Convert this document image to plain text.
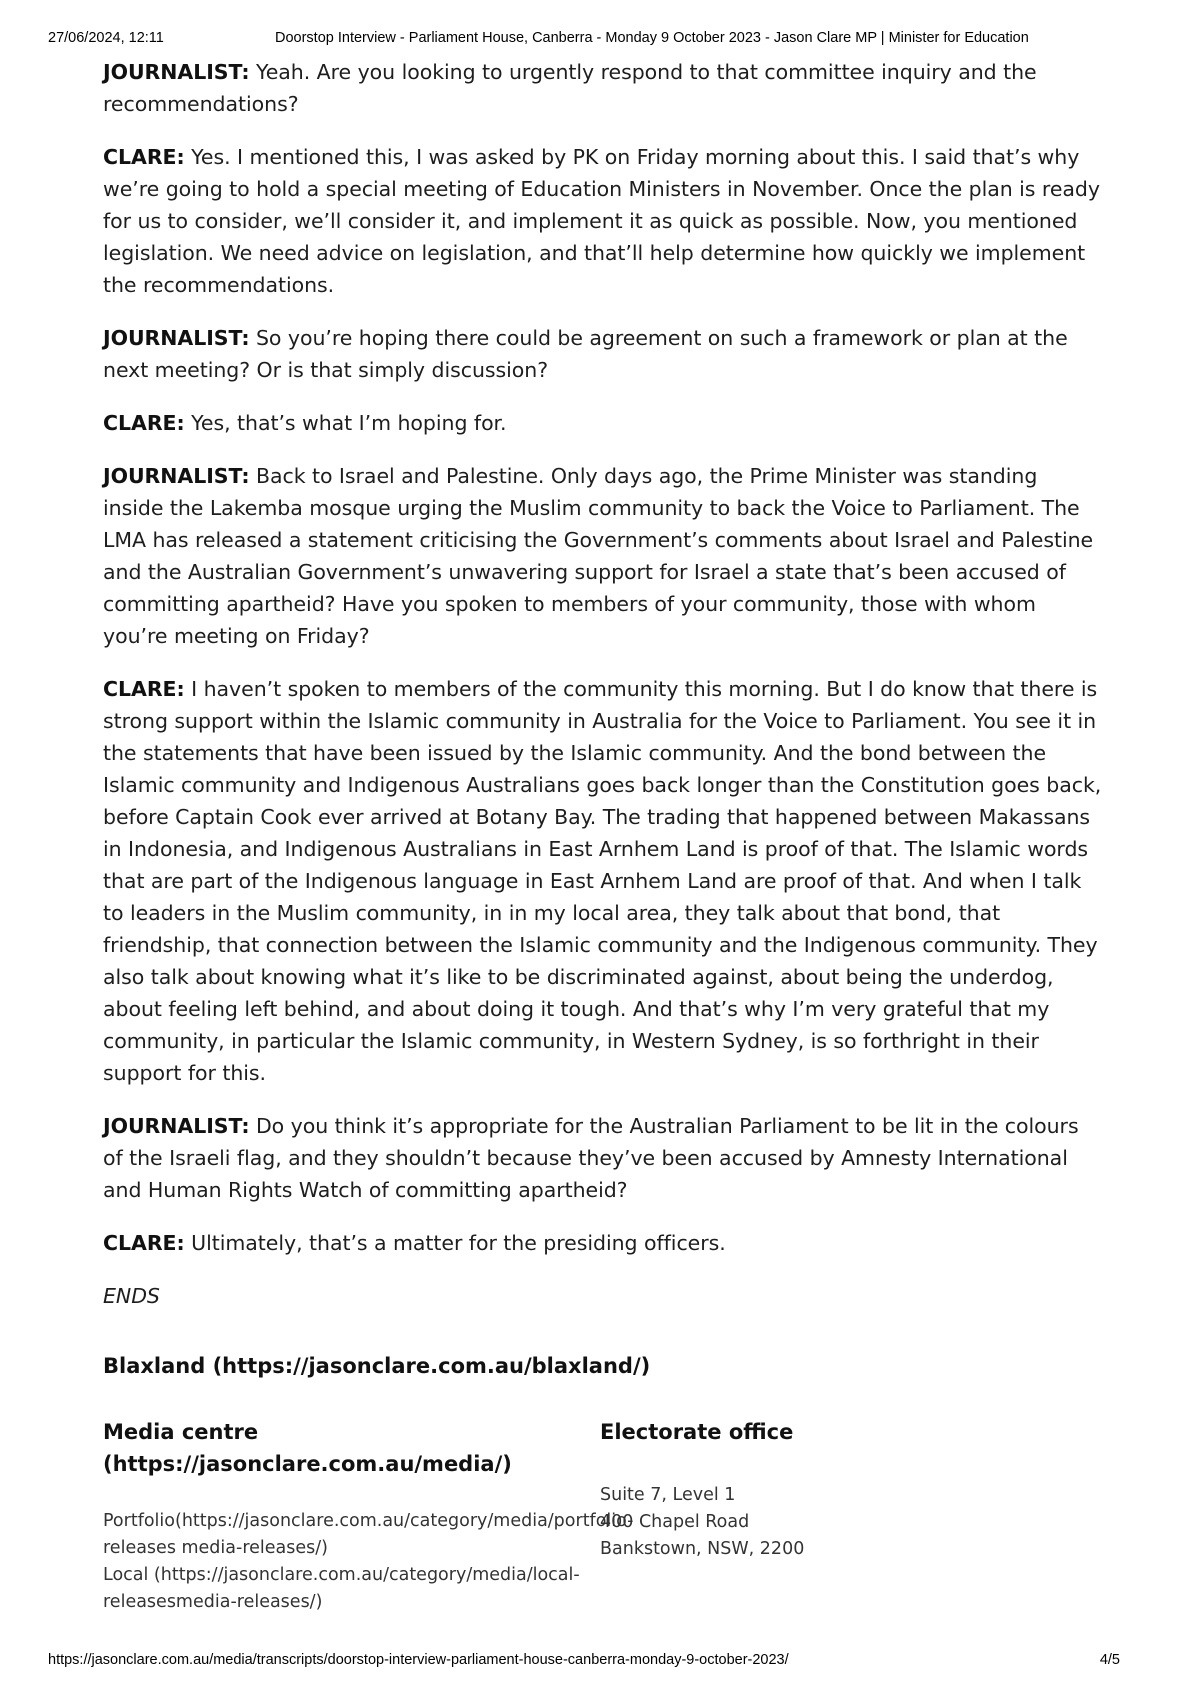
27/06/2024, 12:11	Doorstop Interview - Parliament House, Canberra - Monday 9 October 2023 - Jason Clare MP | Minister for Education

JOURNALIST: Yeah. Are you looking to urgently respond to that committee inquiry and the recommendations?

CLARE: Yes. I mentioned this, I was asked by PK on Friday morning about this. I said that’s why we’re going to hold a special meeting of Education Ministers in November. Once the plan is ready for us to consider, we’ll consider it, and implement it as quick as possible. Now, you mentioned legislation. We need advice on legislation, and that’ll help determine how quickly we implement the recommendations.

JOURNALIST: So you’re hoping there could be agreement on such a framework or plan at the next meeting? Or is that simply discussion?

CLARE: Yes, that’s what I’m hoping for.

JOURNALIST: Back to Israel and Palestine. Only days ago, the Prime Minister was standing inside the Lakemba mosque urging the Muslim community to back the Voice to Parliament. The LMA has released a statement criticising the Government’s comments about Israel and Palestine and the Australian Government’s unwavering support for Israel a state that’s been accused of committing apartheid? Have you spoken to members of your community, those with whom you’re meeting on Friday?

CLARE: I haven’t spoken to members of the community this morning. But I do know that there is strong support within the Islamic community in Australia for the Voice to Parliament. You see it in the statements that have been issued by the Islamic community. And the bond between the Islamic community and Indigenous Australians goes back longer than the Constitution goes back, before Captain Cook ever arrived at Botany Bay. The trading that happened between Makassans in Indonesia, and Indigenous Australians in East Arnhem Land is proof of that. The Islamic words that are part of the Indigenous language in East Arnhem Land are proof of that. And when I talk to leaders in the Muslim community, in in my local area, they talk about that bond, that friendship, that connection between the Islamic community and the Indigenous community. They also talk about knowing what it’s like to be discriminated against, about being the underdog, about feeling left behind, and about doing it tough. And that’s why I’m very grateful that my community, in particular the Islamic community, in Western Sydney, is so forthright in their support for this.

JOURNALIST: Do you think it’s appropriate for the Australian Parliament to be lit in the colours of the Israeli flag, and they shouldn’t because they’ve been accused by Amnesty International and Human Rights Watch of committing apartheid?

CLARE: Ultimately, that’s a matter for the presiding officers.

ENDS

Blaxland (https://jasonclare.com.au/blaxland/)
Media centre (https://jasonclare.com.au/media/)
Portfolio(https://jasonclare.com.au/category/media/portfolio-releases media-releases/)
Local (https://jasonclare.com.au/category/media/local-releasesmedia-releases/)
Electorate office
Suite 7, Level 1
400 Chapel Road
Bankstown, NSW, 2200
https://jasonclare.com.au/media/transcripts/doorstop-interview-parliament-house-canberra-monday-9-october-2023/	4/5
